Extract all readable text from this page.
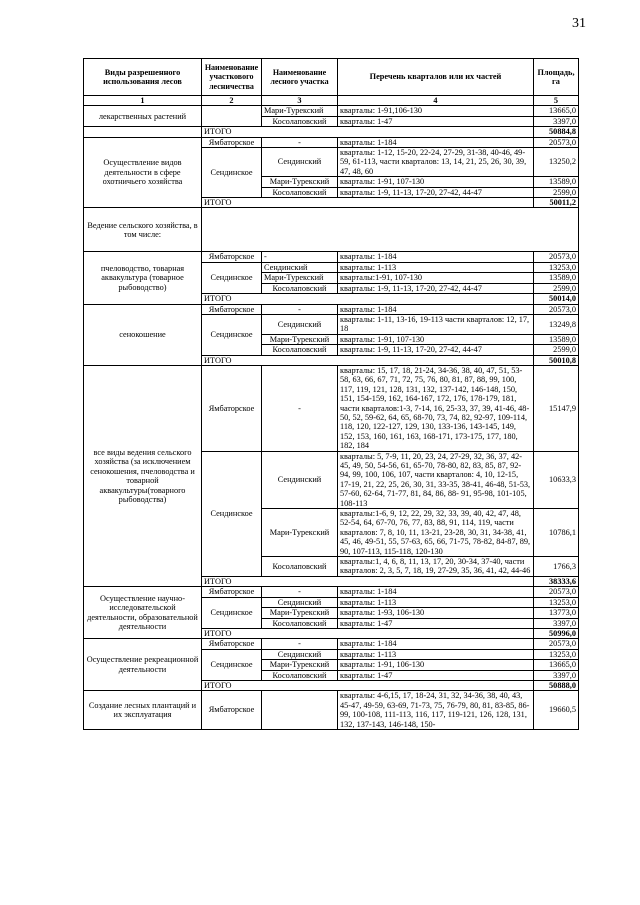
31
Виды разрешенного использования лесов	Наименование участкового лесничества	Наименование лесного участка	Перечень кварталов или их частей	Площадь, га
1	2	3	4	5
лекарственных растений		Мари-Турекский	кварталы: 1-91,106-130	13665,0
		Косолаповский	кварталы: 1-47	3397,0
	ИТОГО			50884,8
Осуществление видов деятельности в сфере охотничьего хозяйства	Ямбаторское	-	кварталы: 1-184	20573,0
	Сендинское	Сендинский	кварталы: 1-12, 15-20, 22-24, 27-29, 31-38, 40-46, 49-59, 61-113, части кварталов: 13, 14, 21, 25, 26, 30, 39, 47, 48, 60	13250,2
		Мари-Турекский	кварталы: 1-91, 107-130	13589,0
		Косолаповский	кварталы: 1-9, 11-13, 17-20, 27-42, 44-47	2599,0
	ИТОГО			50011,2
Ведение сельского хозяйства, в том числе:				
пчеловодство, товарная аквакультура (товарное рыбоводство)	Ямбаторское	-	кварталы: 1-184	20573,0
	Сендинское	Сендинский	кварталы: 1-113	13253,0
		Мари-Турекский	кварталы:1-91, 107-130	13589,0
		Косолаповский	кварталы: 1-9, 11-13, 17-20, 27-42, 44-47	2599,0
	ИТОГО			50014,0
сенокошение	Ямбаторское	-	кварталы: 1-184	20573,0
	Сендинское	Сендинский	кварталы: 1-11, 13-16, 19-113 части кварталов: 12, 17, 18	13249,8
		Мари-Турекский	кварталы: 1-91, 107-130	13589,0
		Косолаповский	кварталы: 1-9, 11-13, 17-20, 27-42, 44-47	2599,0
	ИТОГО			50010,8
все виды ведения сельского хозяйства (за исключением сенокошения, пчеловодства и товарной аквакультуры(товарного рыбоводства)	Ямбаторское	-	кварталы: 15, 17, 18, 21-24, 34-36, 38, 40, 47, 51, 53-58, 63, 66, 67, 71, 72, 75, 76, 80, 81, 87, 88, 99, 100, 117, 119, 121, 128, 131, 132, 137-142, 146-148, 150, 151, 154-159, 162, 164-167, 172, 176, 178-179, 181, части кварталов:1-3, 7-14, 16, 25-33, 37, 39, 41-46, 48-50, 52, 59-62, 64, 65, 68-70, 73, 74, 82, 92-97, 109-114, 118, 120, 122-127, 129, 130, 133-136, 143-145, 149, 152, 153, 160, 161, 163, 168-171, 173-175, 177, 180, 182, 184	15147,9
	Сендинское	Сендинский	кварталы: 5, 7-9, 11, 20, 23, 24, 27-29, 32, 36, 37, 42-45, 49, 50, 54-56, 61, 65-70, 78-80, 82, 83, 85, 87, 92-94, 99, 100, 106, 107, части кварталов: 4, 10, 12-15, 17-19, 21, 22, 25, 26, 30, 31, 33-35, 38-41, 46-48, 51-53, 57-60, 62-64, 71-77, 81, 84, 86, 88- 91, 95-98, 101-105, 108-113	10633,3
		Мари-Турекский	кварталы:1-6, 9, 12, 22, 29, 32, 33, 39, 40, 42, 47, 48, 52-54, 64, 67-70, 76, 77, 83, 88, 91, 114, 119, части кварталов: 7, 8, 10, 11, 13-21, 23-28, 30, 31, 34-38, 41, 45, 46, 49-51, 55, 57-63, 65, 66, 71-75, 78-82, 84-87, 89, 90, 107-113, 115-118, 120-130	10786,1
		Косолаповский	кварталы:1, 4, 6, 8, 11, 13, 17, 20, 30-34, 37-40, части кварталов: 2, 3, 5, 7, 18, 19, 27-29, 35, 36, 41, 42, 44-46	1766,3
	ИТОГО			38333,6
Осуществление научно-исследовательской деятельности, образовательной деятельности	Ямбаторское	-	кварталы: 1-184	20573,0
	Сендинское	Сендинский	кварталы: 1-113	13253,0
		Мари-Турекский	кварталы: 1-93, 106-130	13773,0
		Косолаповский	кварталы: 1-47	3397,0
	ИТОГО			50996,0
Осуществление рекреационной деятельности	Ямбаторское	-	кварталы: 1-184	20573,0
	Сендинское	Сендинский	кварталы: 1-113	13253,0
		Мари-Турекский	кварталы: 1-91, 106-130	13665,0
		Косолаповский	кварталы: 1-47	3397,0
	ИТОГО			50888,0
Создание лесных плантаций и их эксплуатация	Ямбаторское		кварталы: 4-6,15, 17, 18-24, 31, 32, 34-36, 38, 40, 43, 45-47, 49-59, 63-69, 71-73, 75, 76-79, 80, 81, 83-85, 86-99, 100-108, 111-113, 116, 117, 119-121, 126, 128, 131, 132, 137-143, 146-148, 150-	19660,5
